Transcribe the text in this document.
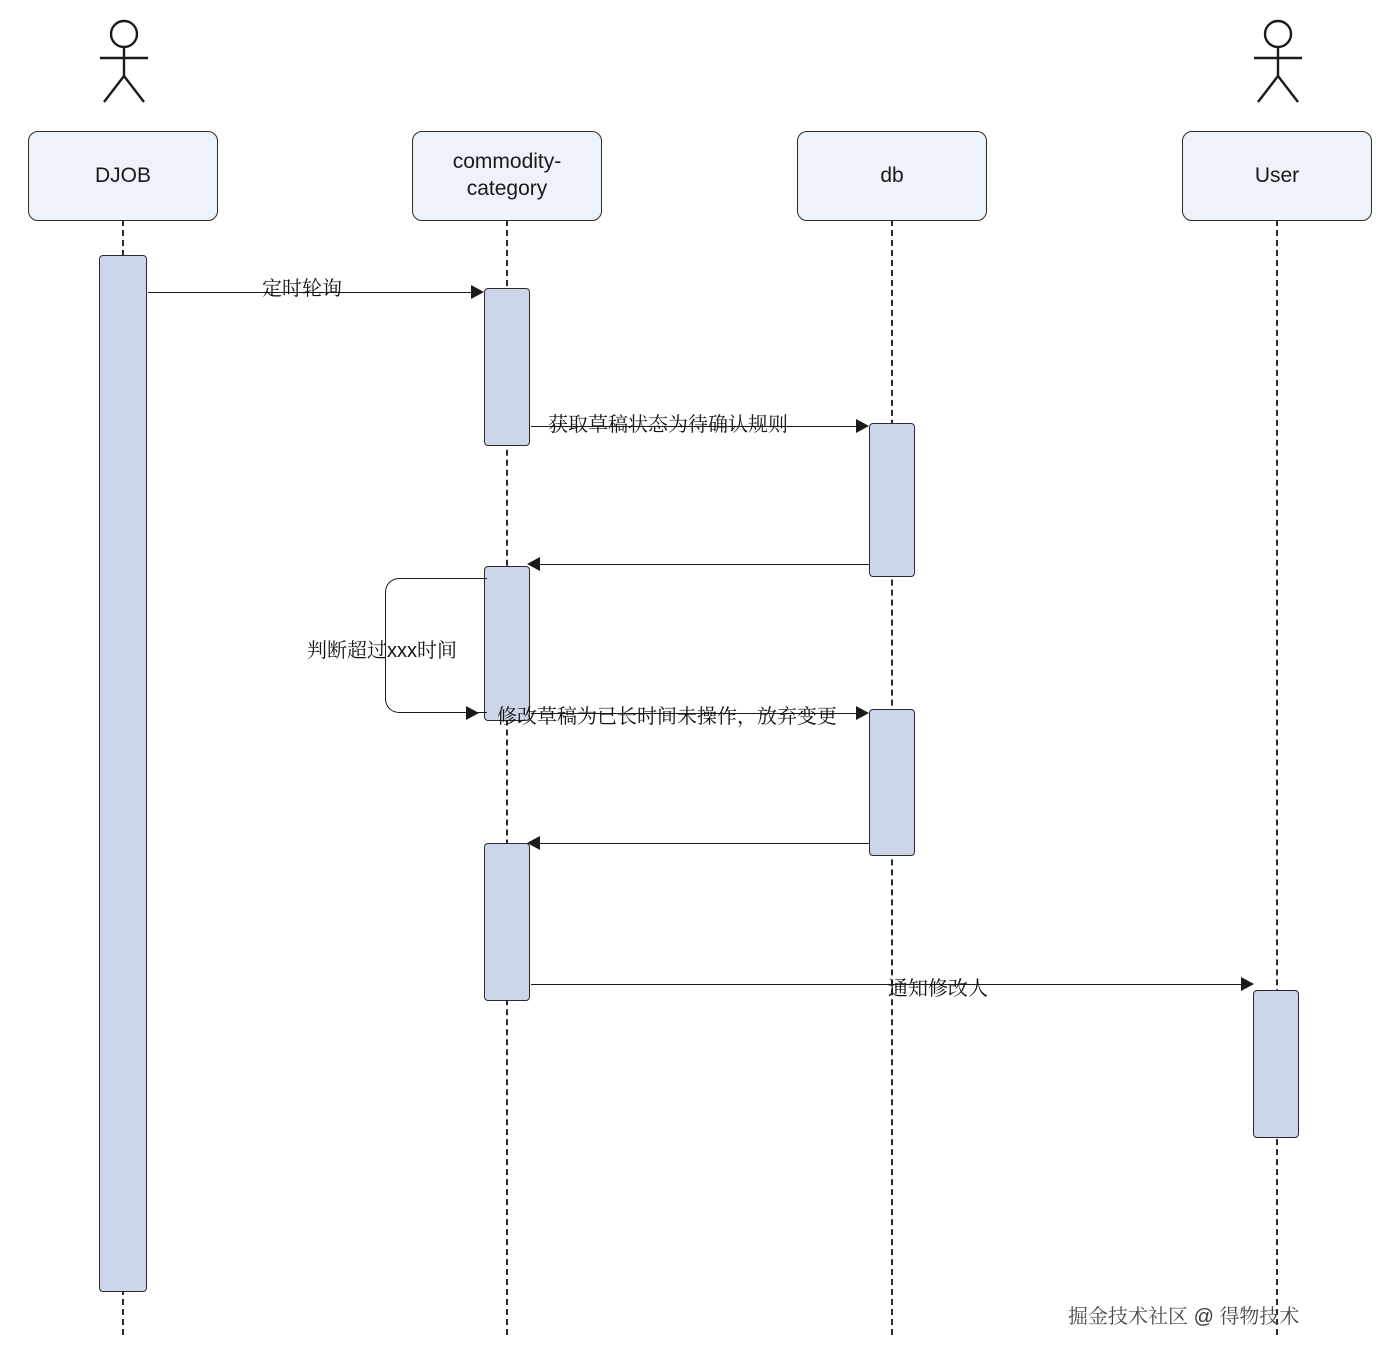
DJOB
commodity-category
db	User
定时轮询
获取草稿状态为待确认规则
判断超过xxx时间
修改草稿为已长时间未操作，放弃变更
通知修改人
掘金技术社区 @ 得物技术
